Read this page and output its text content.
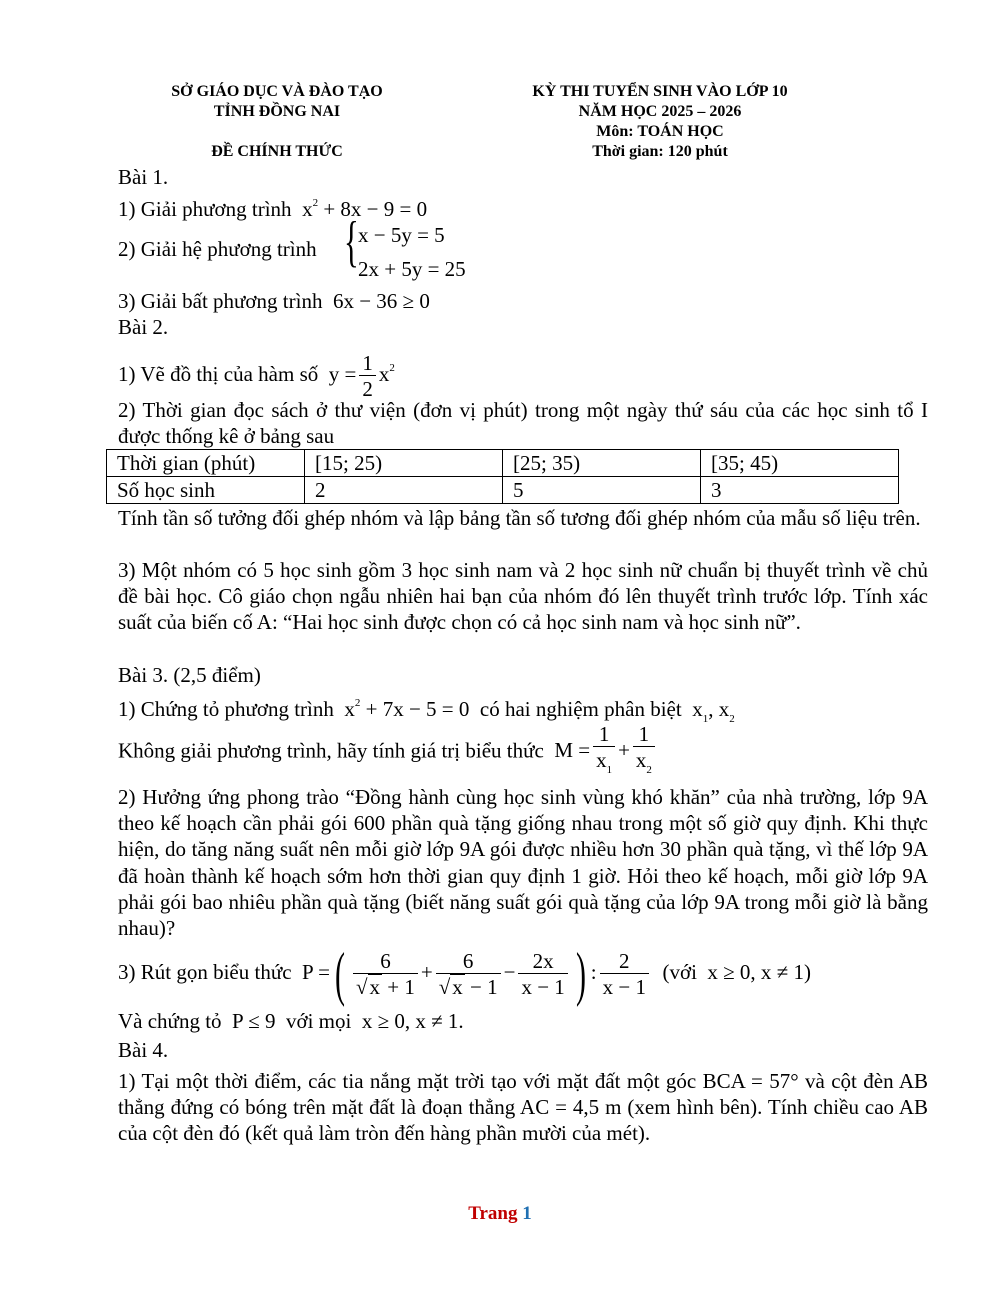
SỞ GIÁO DỤC VÀ ĐÀO TẠO
TỈNH ĐỒNG NAI
ĐỀ CHÍNH THỨC
KỲ THI TUYỂN SINH VÀO LỚP 10
NĂM HỌC 2025 – 2026
Môn: TOÁN HỌC
Thời gian: 120 phút
Bài 1.
1) Giải phương trình  $x^2 + 8x - 9 = 0$
2) Giải hệ phương trình { x − 5y = 5
2x + 5y = 25
3) Giải bất phương trình  6x − 36 ≥ 0
Bài 2.
1) Vẽ đồ thị của hàm số  $y = \frac{1}{2} x^2$
2) Thời gian đọc sách ở thư viện (đơn vị phút) trong một ngày thứ sáu của các học sinh tổ I được thống kê ở bảng sau
Thời gian (phút)	[15; 25)	[25; 35)	[35; 45)
Số học sinh	2	5	3
Tính tần số tưởng đối ghép nhóm và lập bảng tần số tương đối ghép nhóm của mẫu số liệu trên.
3) Một nhóm có 5 học sinh gồm 3 học sinh nam và 2 học sinh nữ chuẩn bị thuyết trình về chủ đề bài học. Cô giáo chọn ngẫu nhiên hai bạn của nhóm đó lên thuyết trình trước lớp. Tính xác suất của biến cố A: “Hai học sinh được chọn có cả học sinh nam và học sinh nữ”.
Bài 3. (2,5 điểm)
1) Chứng tỏ phương trình  $x^2 + 7x - 5 = 0$  có hai nghiệm phân biệt  $x_1$, $x_2$
Không giải phương trình, hãy tính giá trị biểu thức  $M = \frac{1}{x_1} + \frac{1}{x_2}$
2) Hưởng ứng phong trào “Đồng hành cùng học sinh vùng khó khăn” của nhà trường, lớp 9A theo kế hoạch cần phải gói 600 phần quà tặng giống nhau trong một số giờ quy định. Khi thực hiện, do tăng năng suất nên mỗi giờ lớp 9A gói được nhiều hơn 30 phần quà tặng, vì thế lớp 9A đã hoàn thành kế hoạch sớm hơn thời gian quy định 1 giờ. Hỏi theo kế hoạch, mỗi giờ lớp 9A phải gói bao nhiêu phần quà tặng (biết năng suất gói quà tặng của lớp 9A trong mỗi giờ là bằng nhau)?
3) Rút gọn biểu thức  P =( $\frac{6}{√x + 1} + \frac{6}{√x - 1} - \frac{2x}{x - 1}$ ) : $\frac{2}{x - 1}$ (với  x ≥ 0, x ≠ 1)
Và chứng tỏ  P ≤ 9  với mọi  x ≥ 0, x ≠ 1.
Bài 4.
1) Tại một thời điểm, các tia nắng mặt trời tạo với mặt đất một góc BCA = 57° và cột đèn AB thẳng đứng có bóng trên mặt đất là đoạn thẳng AC = 4,5 m (xem hình bên). Tính chiều cao AB của cột đèn đó (kết quả làm tròn đến hàng phần mười của mét).
Trang 1
